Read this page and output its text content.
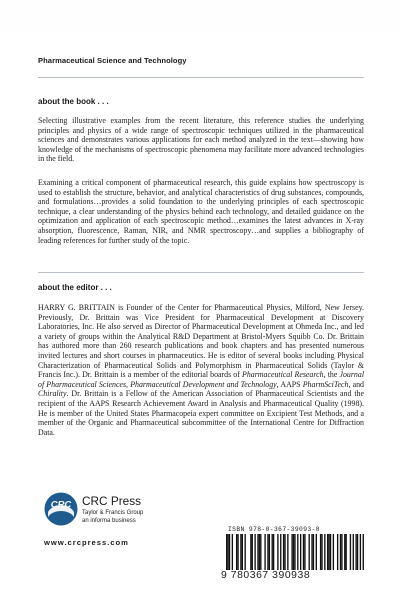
Pharmaceutical Science and Technology
about the book . . .

Selecting illustrative examples from the recent literature, this reference studies the underlying principles and physics of a wide range of spectroscopic techniques utilized in the pharmaceutical sciences and demonstrates various applications for each method analyzed in the text—showing how knowledge of the mechanisms of spectroscopic phenomena may facilitate more advanced technologies in the field.

Examining a critical component of pharmaceutical research, this guide explains how spectroscopy is used to establish the structure, behavior, and analytical characteristics of drug substances, compounds, and formulations…provides a solid foundation to the underlying principles of each spectroscopic technique, a clear understanding of the physics behind each technology, and detailed guidance on the optimization and application of each spectroscopic method…examines the latest advances in X-ray absorption, fluorescence, Raman, NIR, and NMR spectroscopy…and supplies a bibliography of leading references for further study of the topic.

about the editor . . .

HARRY G. BRITTAIN is Founder of the Center for Pharmaceutical Physics, Milford, New Jersey. Previously, Dr. Brittain was Vice President for Pharmaceutical Development at Discovery Laboratories, Inc. He also served as Director of Pharmaceutical Development at Ohmeda Inc., and led a variety of groups within the Analytical R&D Department at Bristol-Myers Squibb Co. Dr. Brittain has authored more than 260 research publications and book chapters and has presented numerous invited lectures and short courses in pharmaceutics. He is editor of several books including Physical Characterization of Pharmaceutical Solids and Polymorphism in Pharmaceutical Solids (Taylor & Francis Inc.). Dr. Brittain is a member of the editorial boards of Pharmaceutical Research, the Journal of Pharmaceutical Sciences, Pharmaceutical Development and Technology, AAPS PharmSciTech, and Chirality. Dr. Brittain is a Fellow of the American Association of Pharmaceutical Scientists and the recipient of the AAPS Research Achievement Award in Analysis and Pharmaceutical Quality (1998). He is member of the United States Pharmacopeia expert committee on Excipient Test Methods, and a member of the Organic and Pharmaceutical subcommittee of the International Centre for Diffraction Data.

CRC CRC Press
Taylor & Francis Group
an informa business
www.crcpress.com
ISBN 978-0-367-39093-8
9 780367 390938
